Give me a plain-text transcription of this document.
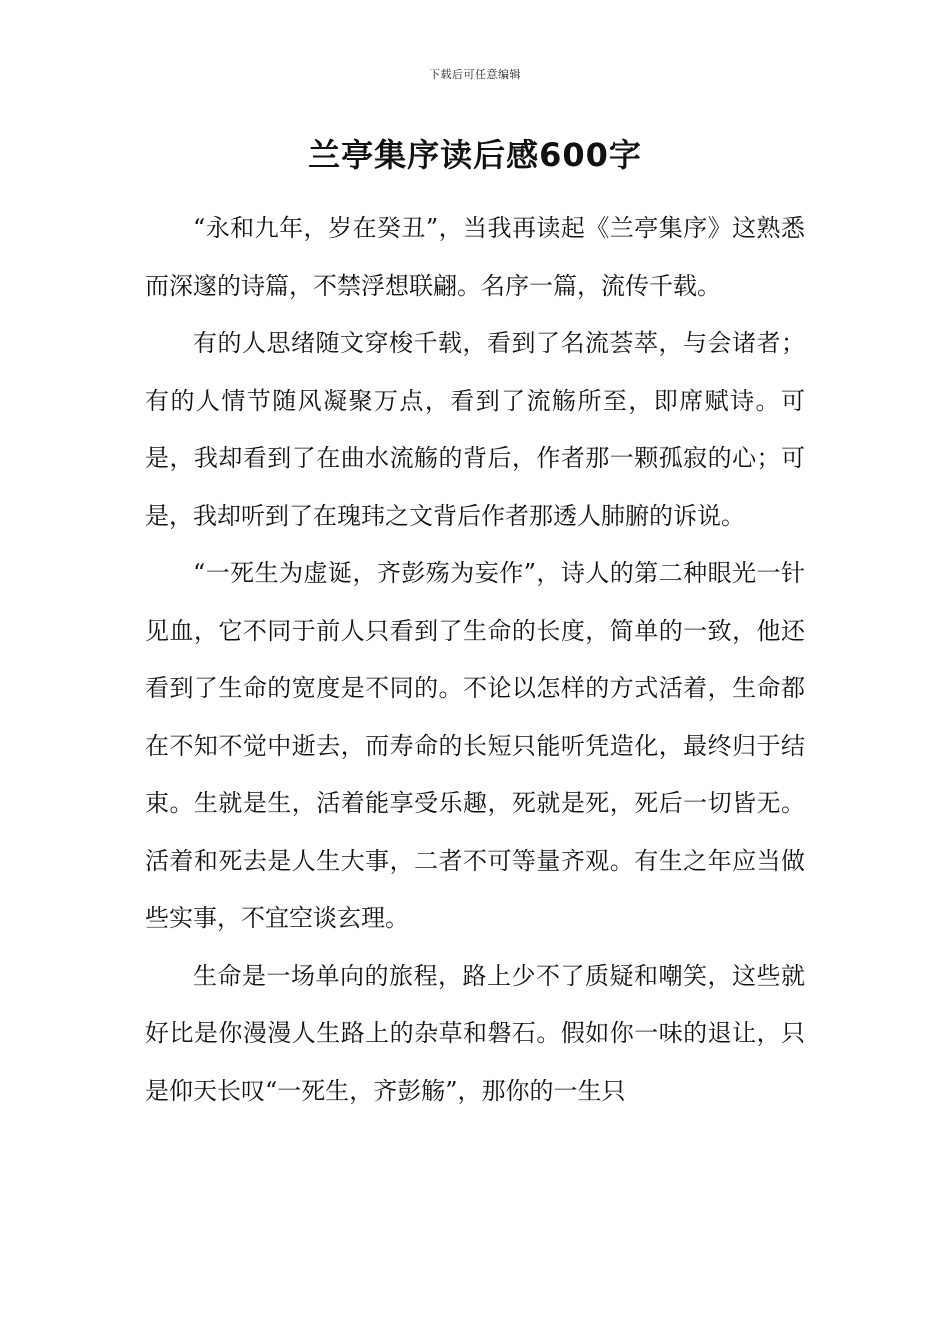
下载后可任意编辑
兰亭集序读后感600字

“永和九年，岁在癸丑”，当我再读起《兰亭集序》这熟悉而深邃的诗篇，不禁浮想联翩。名序一篇，流传千载。

有的人思绪随文穿梭千载，看到了名流荟萃，与会诸者；有的人情节随风凝聚万点，看到了流觞所至，即席赋诗。可是，我却看到了在曲水流觞的背后，作者那一颗孤寂的心；可是，我却听到了在瑰玮之文背后作者那透人肺腑的诉说。

“一死生为虚诞，齐彭殇为妄作”，诗人的第二种眼光一针见血，它不同于前人只看到了生命的长度，简单的一致，他还看到了生命的宽度是不同的。不论以怎样的方式活着，生命都在不知不觉中逝去，而寿命的长短只能听凭造化，最终归于结束。生就是生，活着能享受乐趣，死就是死，死后一切皆无。活着和死去是人生大事，二者不可等量齐观。有生之年应当做些实事，不宜空谈玄理。

生命是一场单向的旅程，路上少不了质疑和嘲笑，这些就好比是你漫漫人生路上的杂草和磐石。假如你一味的退让，只是仰天长叹“一死生，齐彭觞”，那你的一生只
